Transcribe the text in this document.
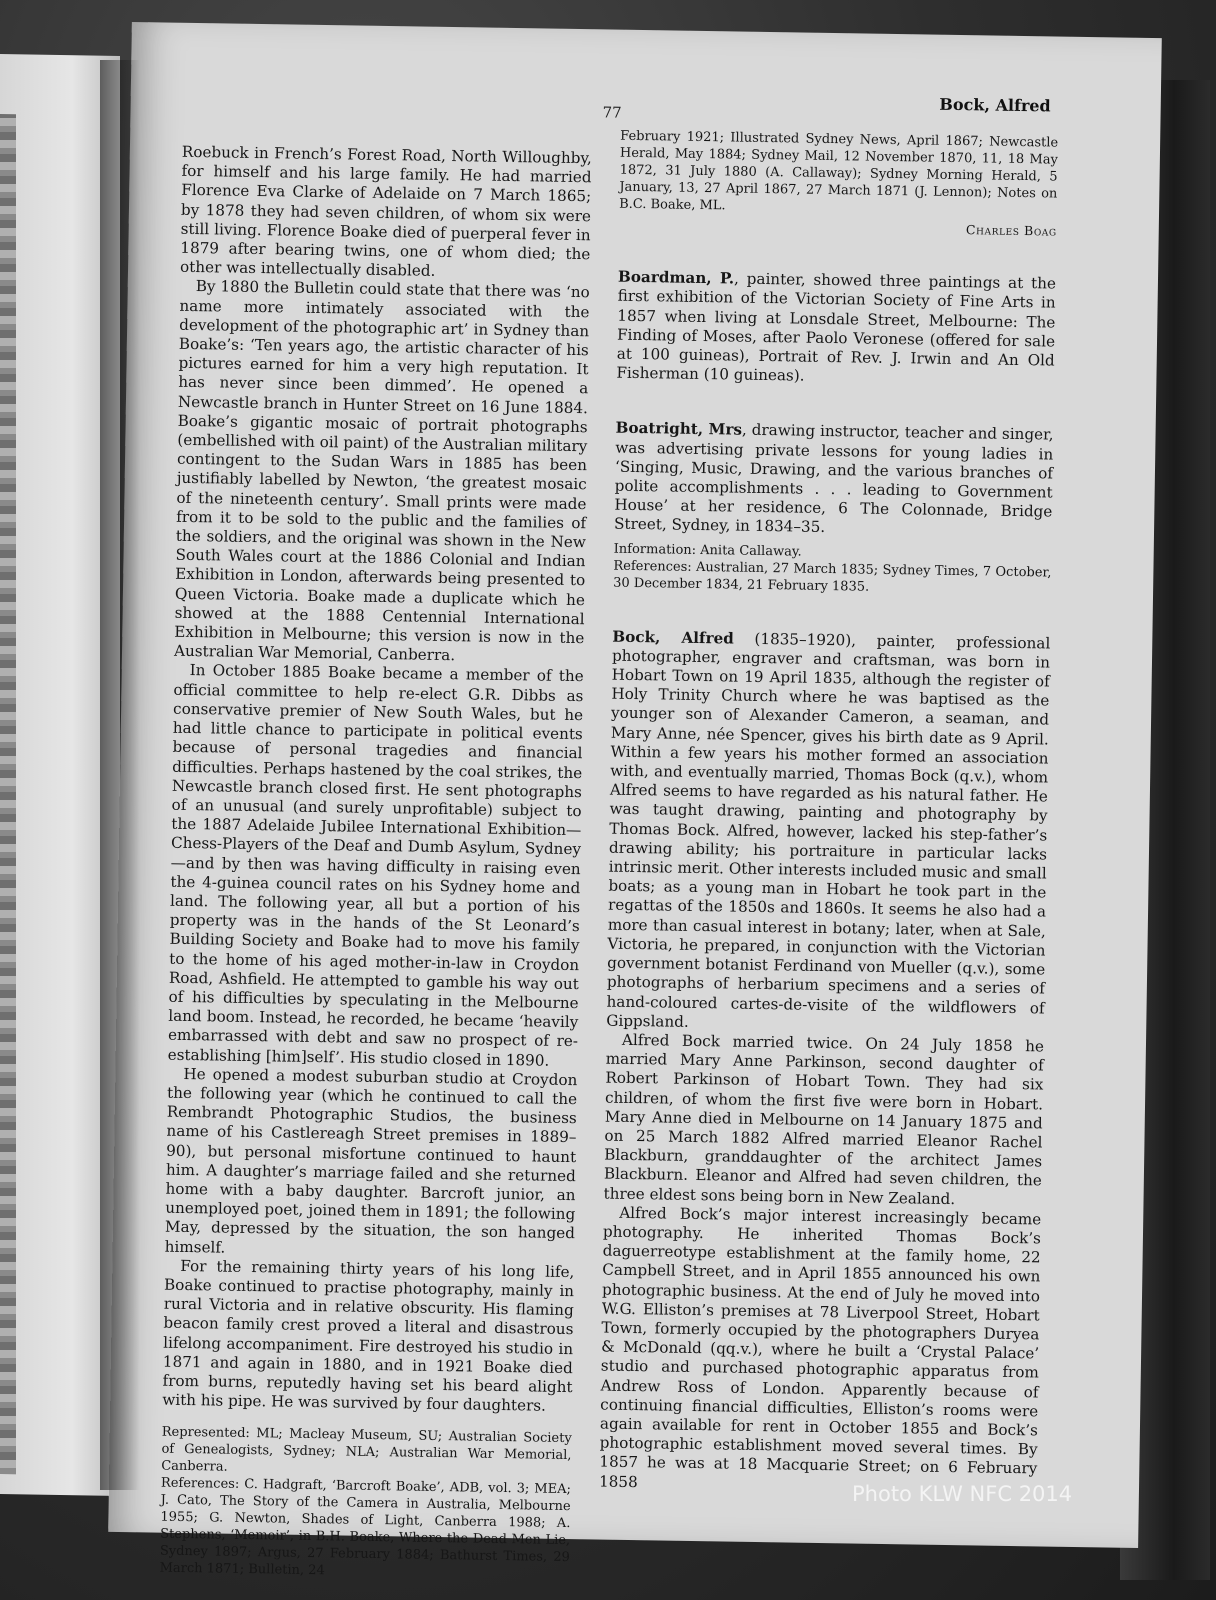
77	Bock, Alfred

Roebuck in French’s Forest Road, North Willoughby, for himself and his large family. He had married Florence Eva Clarke of Adelaide on 7 March 1865; by 1878 they had seven children, of whom six were still living. Florence Boake died of puerperal fever in 1879 after bearing twins, one of whom died; the other was intellectually disabled.

By 1880 the Bulletin could state that there was ‘no name more intimately associated with the development of the photographic art’ in Sydney than Boake’s: ‘Ten years ago, the artistic character of his pictures earned for him a very high reputation. It has never since been dimmed’. He opened a Newcastle branch in Hunter Street on 16 June 1884. Boake’s gigantic mosaic of portrait photographs (embellished with oil paint) of the Australian military contingent to the Sudan Wars in 1885 has been justifiably labelled by Newton, ‘the greatest mosaic of the nineteenth century’. Small prints were made from it to be sold to the public and the families of the soldiers, and the original was shown in the New South Wales court at the 1886 Colonial and Indian Exhibition in London, afterwards being presented to Queen Victoria. Boake made a duplicate which he showed at the 1888 Centennial International Exhibition in Melbourne; this version is now in the Australian War Memorial, Canberra.

In October 1885 Boake became a member of the official committee to help re-elect G.R. Dibbs as conservative premier of New South Wales, but he had little chance to participate in political events because of personal tragedies and financial difficulties. Perhaps hastened by the coal strikes, the Newcastle branch closed first. He sent photographs of an unusual (and surely unprofitable) subject to the 1887 Adelaide Jubilee International Exhibition—Chess-Players of the Deaf and Dumb Asylum, Sydney—and by then was having difficulty in raising even the 4-guinea council rates on his Sydney home and land. The following year, all but a portion of his property was in the hands of the St Leonard’s Building Society and Boake had to move his family to the home of his aged mother-in-law in Croydon Road, Ashfield. He attempted to gamble his way out of his difficulties by speculating in the Melbourne land boom. Instead, he recorded, he became ‘heavily embarrassed with debt and saw no prospect of re-establishing [him]self’. His studio closed in 1890.

He opened a modest suburban studio at Croydon the following year (which he continued to call the Rembrandt Photographic Studios, the business name of his Castlereagh Street premises in 1889–90), but personal misfortune continued to haunt him. A daughter’s marriage failed and she returned home with a baby daughter. Barcroft junior, an unemployed poet, joined them in 1891; the following May, depressed by the situation, the son hanged himself.

For the remaining thirty years of his long life, Boake continued to practise photography, mainly in rural Victoria and in relative obscurity. His flaming beacon family crest proved a literal and disastrous lifelong accompaniment. Fire destroyed his studio in 1871 and again in 1880, and in 1921 Boake died from burns, reputedly having set his beard alight with his pipe. He was survived by four daughters.

Represented: ML; Macleay Museum, SU; Australian Society of Genealogists, Sydney; NLA; Australian War Memorial, Canberra.

References: C. Hadgraft, ‘Barcroft Boake’, ADB, vol. 3; MEA; J. Cato, The Story of the Camera in Australia, Melbourne 1955; G. Newton, Shades of Light, Canberra 1988; A. Stephens, ‘Memoir’, in B.H. Boake, Where the Dead Men Lie, Sydney 1897; Argus, 27 February 1884; Bathurst Times, 29 March 1871; Bulletin, 24

February 1921; Illustrated Sydney News, April 1867; Newcastle Herald, May 1884; Sydney Mail, 12 November 1870, 11, 18 May 1872, 31 July 1880 (A. Callaway); Sydney Morning Herald, 5 January, 13, 27 April 1867, 27 March 1871 (J. Lennon); Notes on B.C. Boake, ML.

Charles Boag

Boardman, P., painter, showed three paintings at the first exhibition of the Victorian Society of Fine Arts in 1857 when living at Lonsdale Street, Melbourne: The Finding of Moses, after Paolo Veronese (offered for sale at 100 guineas), Portrait of Rev. J. Irwin and An Old Fisherman (10 guineas).

Boatright, Mrs, drawing instructor, teacher and singer, was advertising private lessons for young ladies in ‘Singing, Music, Drawing, and the various branches of polite accomplishments . . . leading to Government House’ at her residence, 6 The Colonnade, Bridge Street, Sydney, in 1834–35.

Information: Anita Callaway.

References: Australian, 27 March 1835; Sydney Times, 7 October, 30 December 1834, 21 February 1835.

Bock, Alfred (1835–1920), painter, professional photographer, engraver and craftsman, was born in Hobart Town on 19 April 1835, although the register of Holy Trinity Church where he was baptised as the younger son of Alexander Cameron, a seaman, and Mary Anne, née Spencer, gives his birth date as 9 April. Within a few years his mother formed an association with, and eventually married, Thomas Bock (q.v.), whom Alfred seems to have regarded as his natural father. He was taught drawing, painting and photography by Thomas Bock. Alfred, however, lacked his step-father’s drawing ability; his portraiture in particular lacks intrinsic merit. Other interests included music and small boats; as a young man in Hobart he took part in the regattas of the 1850s and 1860s. It seems he also had a more than casual interest in botany; later, when at Sale, Victoria, he prepared, in conjunction with the Victorian government botanist Ferdinand von Mueller (q.v.), some photographs of herbarium specimens and a series of hand-coloured cartes-de-visite of the wildflowers of Gippsland.

Alfred Bock married twice. On 24 July 1858 he married Mary Anne Parkinson, second daughter of Robert Parkinson of Hobart Town. They had six children, of whom the first five were born in Hobart. Mary Anne died in Melbourne on 14 January 1875 and on 25 March 1882 Alfred married Eleanor Rachel Blackburn, granddaughter of the architect James Blackburn. Eleanor and Alfred had seven children, the three eldest sons being born in New Zealand.

Alfred Bock’s major interest increasingly became photography. He inherited Thomas Bock’s daguerreotype establishment at the family home, 22 Campbell Street, and in April 1855 announced his own photographic business. At the end of July he moved into W.G. Elliston’s premises at 78 Liverpool Street, Hobart Town, formerly occupied by the photographers Duryea & McDonald (qq.v.), where he built a ‘Crystal Palace’ studio and purchased photographic apparatus from Andrew Ross of London. Apparently because of continuing financial difficulties, Elliston’s rooms were again available for rent in October 1855 and Bock’s photographic establishment moved several times. By 1857 he was at 18 Macquarie Street; on 6 February 1858

Photo KLW NFC 2014
